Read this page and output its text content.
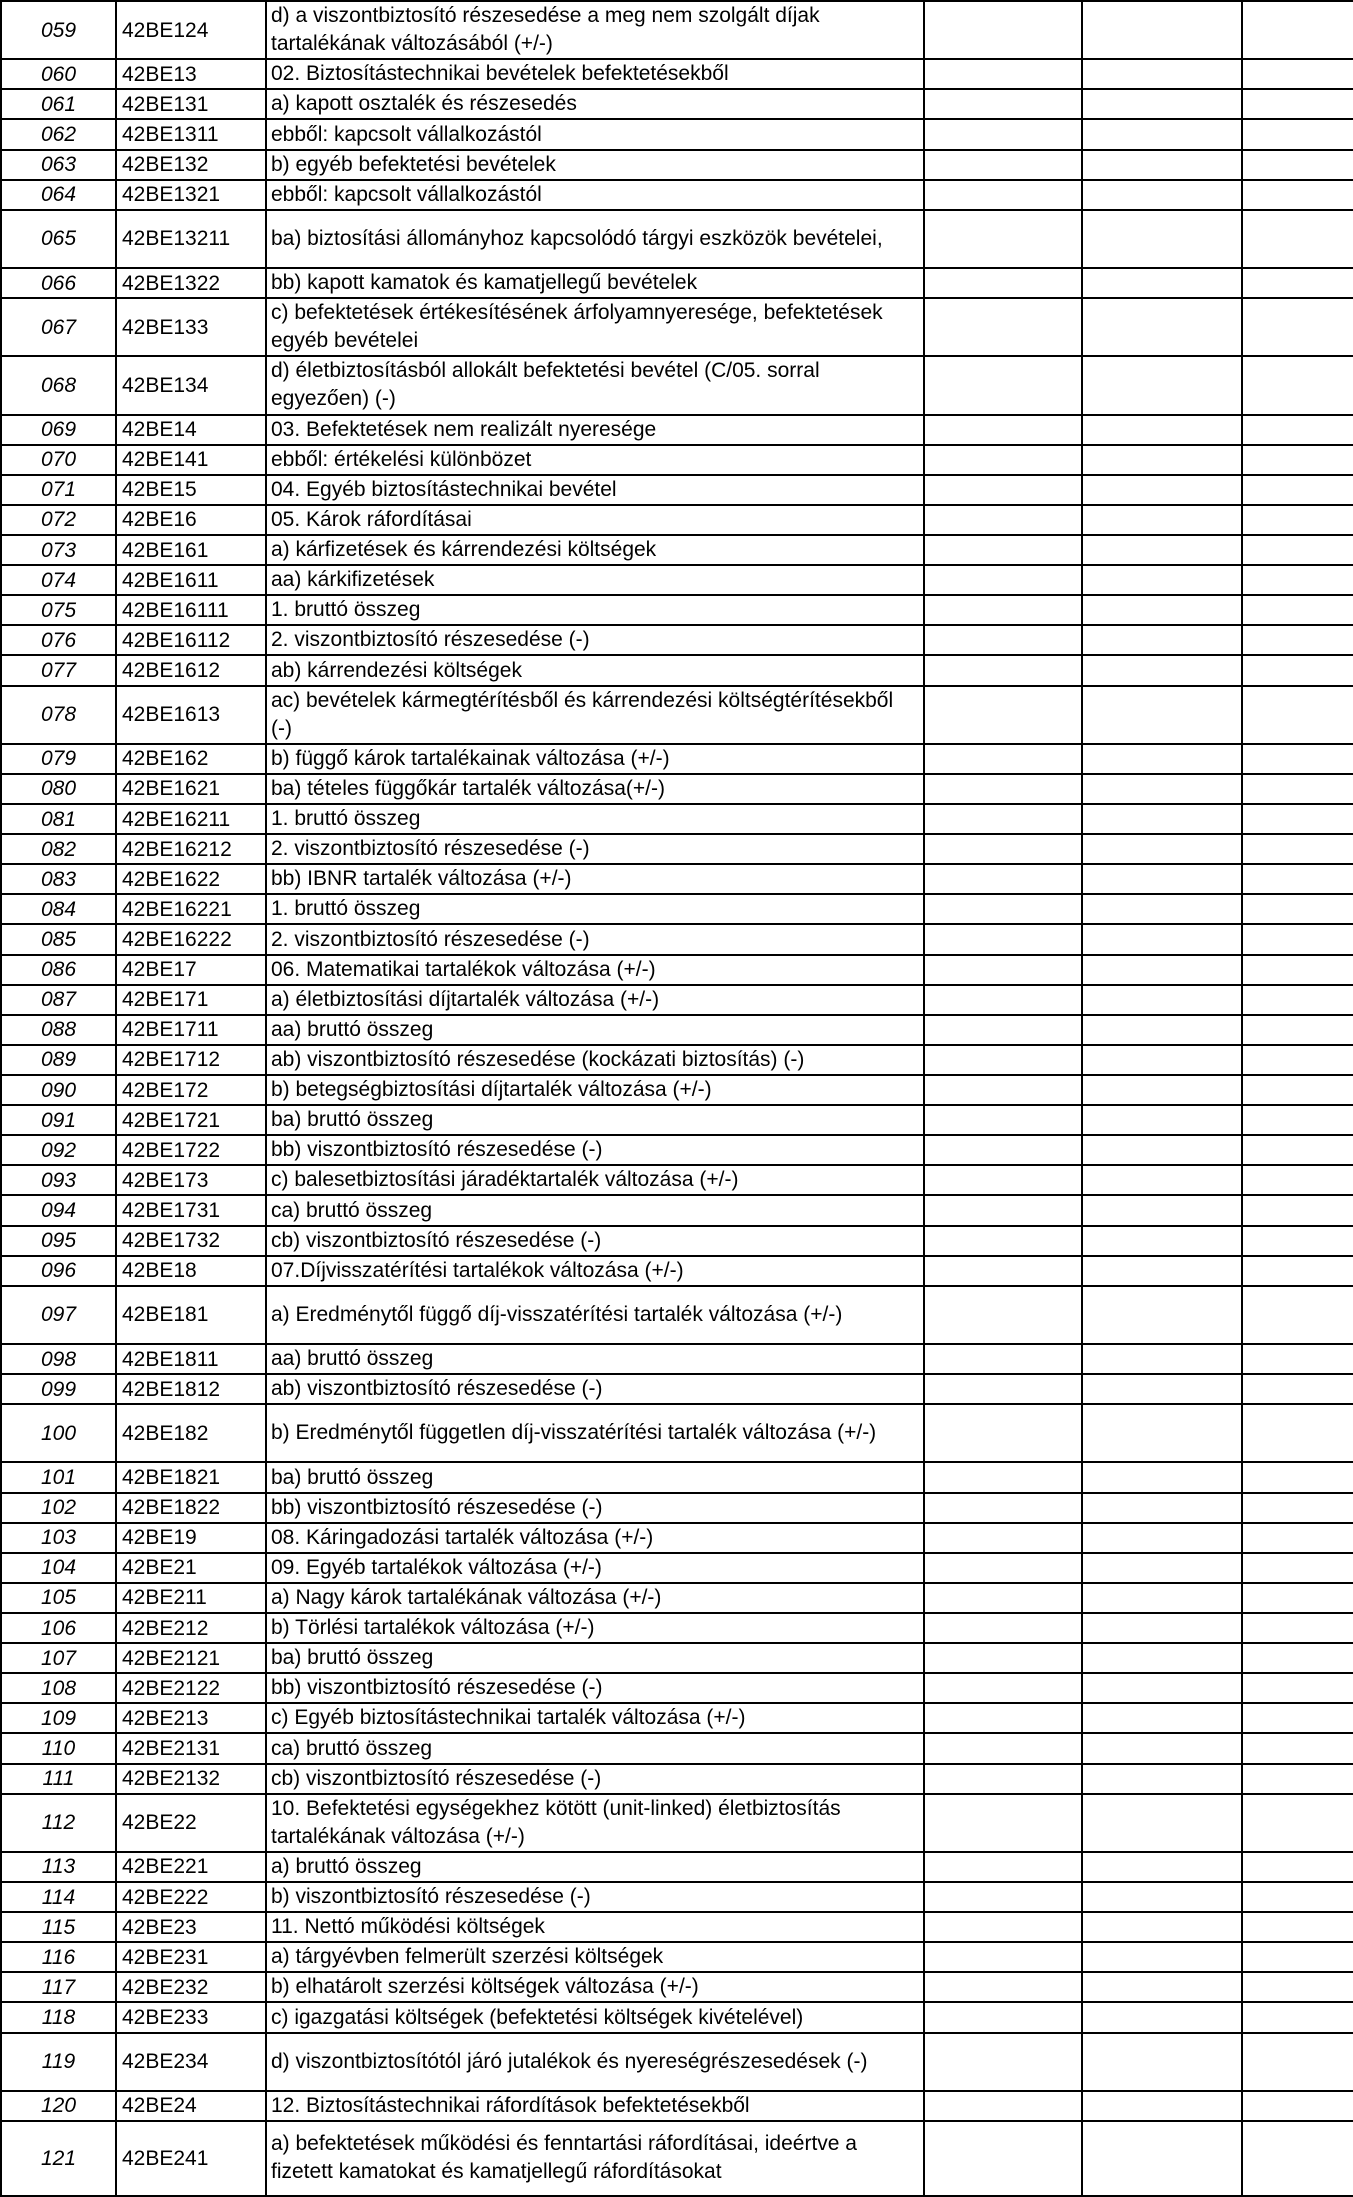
059	42BE124	d) a viszontbiztosító részesedése a meg nem szolgált díjak tartalékának változásából (+/-)			
060	42BE13	02. Biztosítástechnikai bevételek befektetésekből			
061	42BE131	a) kapott osztalék és részesedés			
062	42BE1311	ebből: kapcsolt vállalkozástól			
063	42BE132	b) egyéb befektetési bevételek			
064	42BE1321	ebből: kapcsolt vállalkozástól			
065	42BE13211	ba) biztosítási állományhoz kapcsolódó tárgyi eszközök bevételei,			
066	42BE1322	bb) kapott kamatok és kamatjellegű bevételek			
067	42BE133	c) befektetések értékesítésének árfolyamnyeresége, befektetések egyéb bevételei			
068	42BE134	d) életbiztosításból allokált befektetési bevétel (C/05. sorral egyezően) (-)			
069	42BE14	03. Befektetések nem realizált nyeresége			
070	42BE141	ebből: értékelési különbözet			
071	42BE15	04. Egyéb biztosítástechnikai bevétel			
072	42BE16	05. Károk ráfordításai			
073	42BE161	a) kárfizetések és kárrendezési költségek			
074	42BE1611	aa) kárkifizetések			
075	42BE16111	1. bruttó összeg			
076	42BE16112	2. viszontbiztosító részesedése (-)			
077	42BE1612	ab) kárrendezési költségek			
078	42BE1613	ac) bevételek kármegtérítésből és kárrendezési költségtérítésekből (-)			
079	42BE162	b) függő károk tartalékainak változása (+/-)			
080	42BE1621	ba) tételes függőkár tartalék változása(+/-)			
081	42BE16211	1. bruttó összeg			
082	42BE16212	2. viszontbiztosító részesedése (-)			
083	42BE1622	bb) IBNR tartalék változása (+/-)			
084	42BE16221	1. bruttó összeg			
085	42BE16222	2. viszontbiztosító részesedése (-)			
086	42BE17	06. Matematikai tartalékok változása (+/-)			
087	42BE171	a) életbiztosítási díjtartalék változása (+/-)			
088	42BE1711	aa) bruttó összeg			
089	42BE1712	ab) viszontbiztosító részesedése (kockázati biztosítás) (-)			
090	42BE172	b) betegségbiztosítási díjtartalék változása (+/-)			
091	42BE1721	ba) bruttó összeg			
092	42BE1722	bb) viszontbiztosító részesedése (-)			
093	42BE173	c) balesetbiztosítási járadéktartalék változása (+/-)			
094	42BE1731	ca) bruttó összeg			
095	42BE1732	cb) viszontbiztosító részesedése (-)			
096	42BE18	07.Díjvisszatérítési tartalékok változása (+/-)			
097	42BE181	a) Eredménytől függő díj-visszatérítési tartalék változása (+/-)			
098	42BE1811	aa) bruttó összeg			
099	42BE1812	ab) viszontbiztosító részesedése (-)			
100	42BE182	b) Eredménytől független díj-visszatérítési tartalék változása (+/-)			
101	42BE1821	ba) bruttó összeg			
102	42BE1822	bb) viszontbiztosító részesedése (-)			
103	42BE19	08. Káringadozási tartalék változása (+/-)			
104	42BE21	09. Egyéb tartalékok változása (+/-)			
105	42BE211	a) Nagy károk tartalékának változása (+/-)			
106	42BE212	b) Törlési tartalékok változása (+/-)			
107	42BE2121	ba) bruttó összeg			
108	42BE2122	bb) viszontbiztosító részesedése (-)			
109	42BE213	c) Egyéb biztosítástechnikai tartalék változása (+/-)			
110	42BE2131	ca) bruttó összeg			
111	42BE2132	cb) viszontbiztosító részesedése (-)			
112	42BE22	10. Befektetési egységekhez kötött (unit-linked) életbiztosítás tartalékának változása (+/-)			
113	42BE221	a) bruttó összeg			
114	42BE222	b) viszontbiztosító részesedése (-)			
115	42BE23	11. Nettó működési költségek			
116	42BE231	a) tárgyévben felmerült szerzési költségek			
117	42BE232	b) elhatárolt szerzési költségek változása (+/-)			
118	42BE233	c) igazgatási költségek (befektetési költségek kivételével)			
119	42BE234	d) viszontbiztosítótól járó jutalékok és nyereségrészesedések (-)			
120	42BE24	12. Biztosítástechnikai ráfordítások befektetésekből			
121	42BE241	a) befektetések működési és fenntartási ráfordításai, ideértve a fizetett kamatokat és kamatjellegű ráfordításokat			
